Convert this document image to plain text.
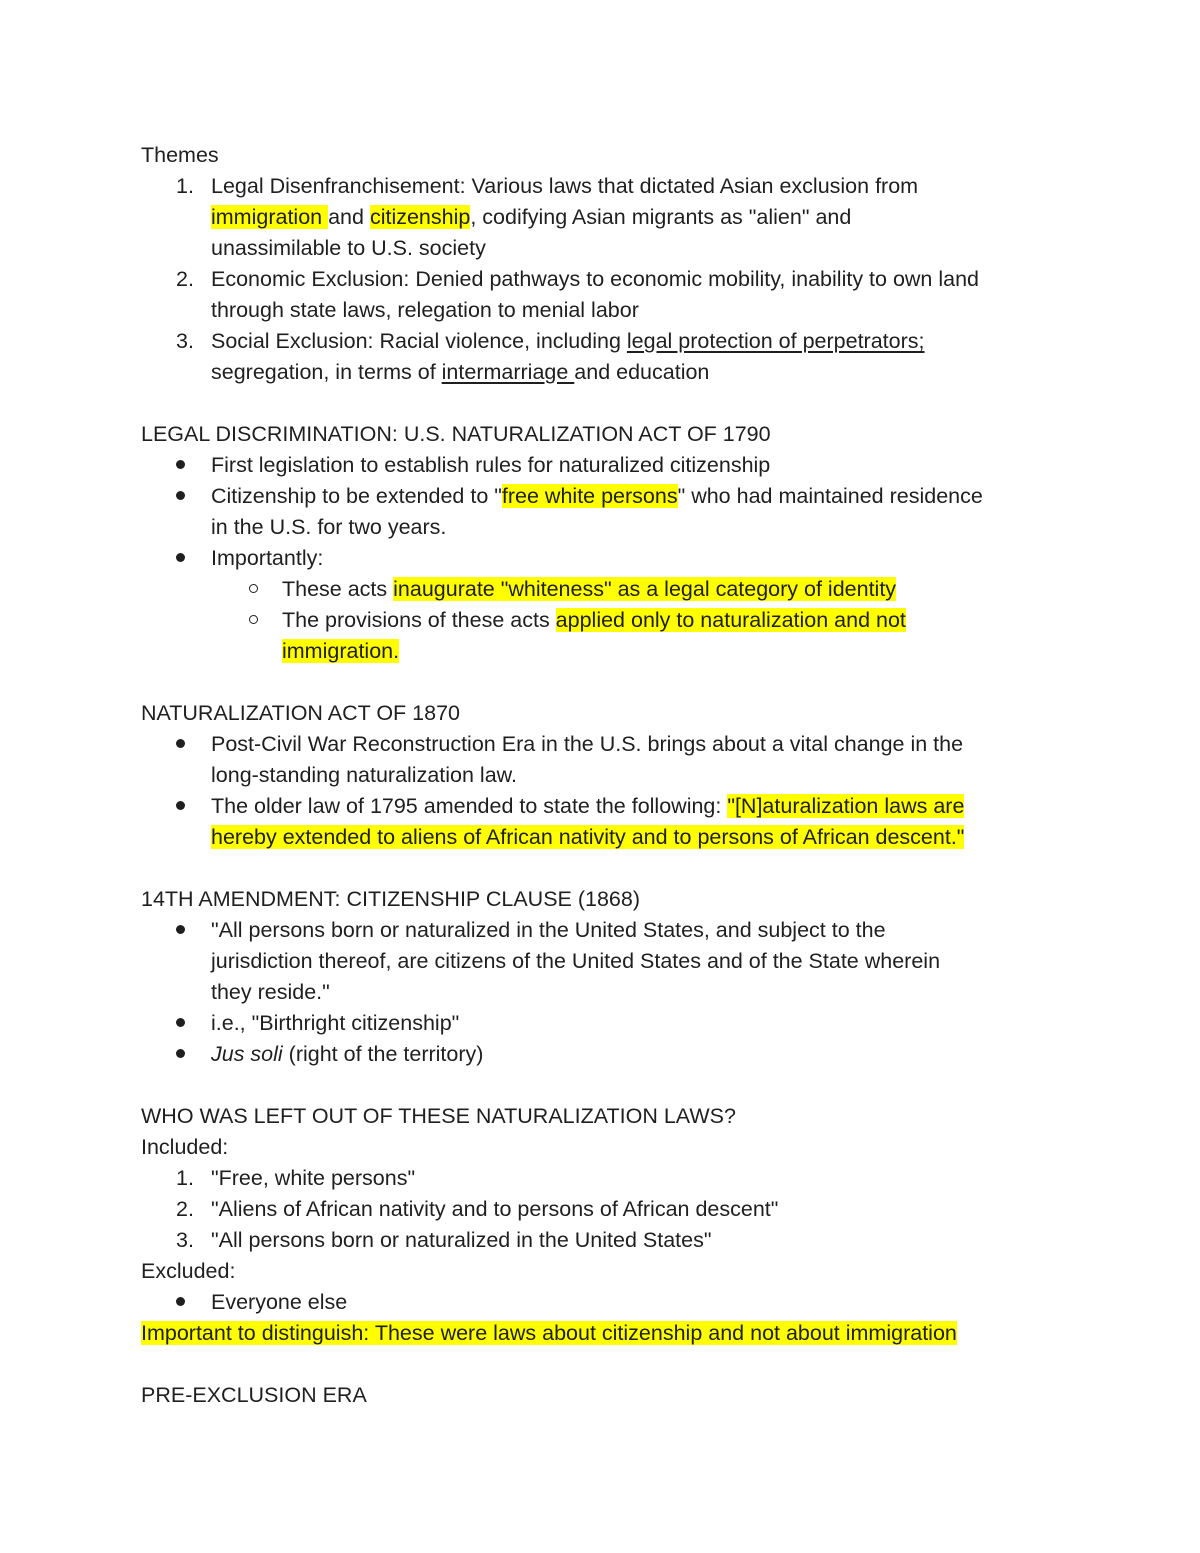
Themes
1. Legal Disenfranchisement: Various laws that dictated Asian exclusion from
immigration and citizenship, codifying Asian migrants as "alien" and
unassimilable to U.S. society
2. Economic Exclusion: Denied pathways to economic mobility, inability to own land
through state laws, relegation to menial labor
3. Social Exclusion: Racial violence, including legal protection of perpetrators;
segregation, in terms of intermarriage and education
LEGAL DISCRIMINATION: U.S. NATURALIZATION ACT OF 1790
First legislation to establish rules for naturalized citizenship
Citizenship to be extended to "free white persons" who had maintained residence
in the U.S. for two years.
Importantly:
These acts inaugurate "whiteness" as a legal category of identity
The provisions of these acts applied only to naturalization and not
immigration.
NATURALIZATION ACT OF 1870
Post-Civil War Reconstruction Era in the U.S. brings about a vital change in the
long-standing naturalization law.
The older law of 1795 amended to state the following: "[N]aturalization laws are
hereby extended to aliens of African nativity and to persons of African descent."
14TH AMENDMENT: CITIZENSHIP CLAUSE (1868)
"All persons born or naturalized in the United States, and subject to the
jurisdiction thereof, are citizens of the United States and of the State wherein
they reside."
i.e., "Birthright citizenship"
Jus soli (right of the territory)
WHO WAS LEFT OUT OF THESE NATURALIZATION LAWS?
Included:
1. "Free, white persons"
2. "Aliens of African nativity and to persons of African descent"
3. "All persons born or naturalized in the United States"
Excluded:
Everyone else
Important to distinguish: These were laws about citizenship and not about immigration
PRE-EXCLUSION ERA
